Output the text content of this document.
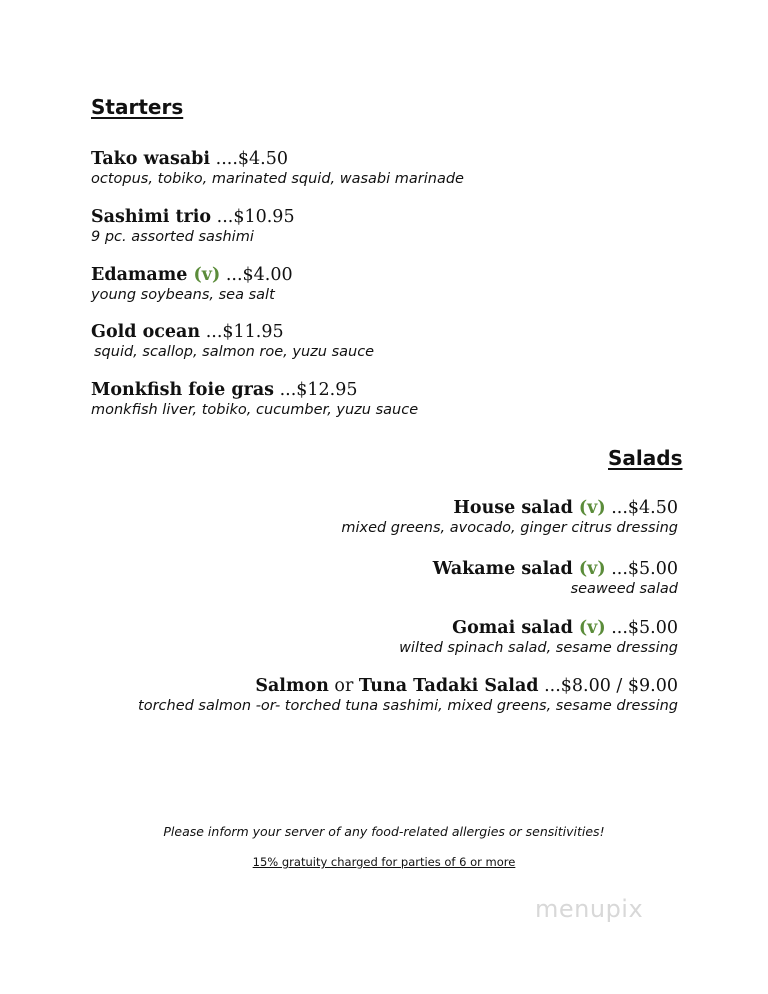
Starters
Tako wasabi ....$4.50
octopus, tobiko, marinated squid, wasabi marinade
Sashimi trio ...$10.95
9 pc. assorted sashimi
Edamame (v) ...$4.00
young soybeans, sea salt
Gold ocean ...$11.95
squid, scallop, salmon roe, yuzu sauce
Monkfish foie gras ...$12.95
monkfish liver, tobiko, cucumber, yuzu sauce
Salads
House salad (v) ...$4.50
mixed greens, avocado, ginger citrus dressing
Wakame salad (v) ...$5.00
seaweed salad
Gomai salad (v) ...$5.00
wilted spinach salad, sesame dressing
Salmon or Tuna Tadaki Salad ...$8.00 / $9.00
torched salmon -or- torched tuna sashimi, mixed greens, sesame dressing
Please inform your server of any food-related allergies or sensitivities!
15% gratuity charged for parties of 6 or more
menupix
